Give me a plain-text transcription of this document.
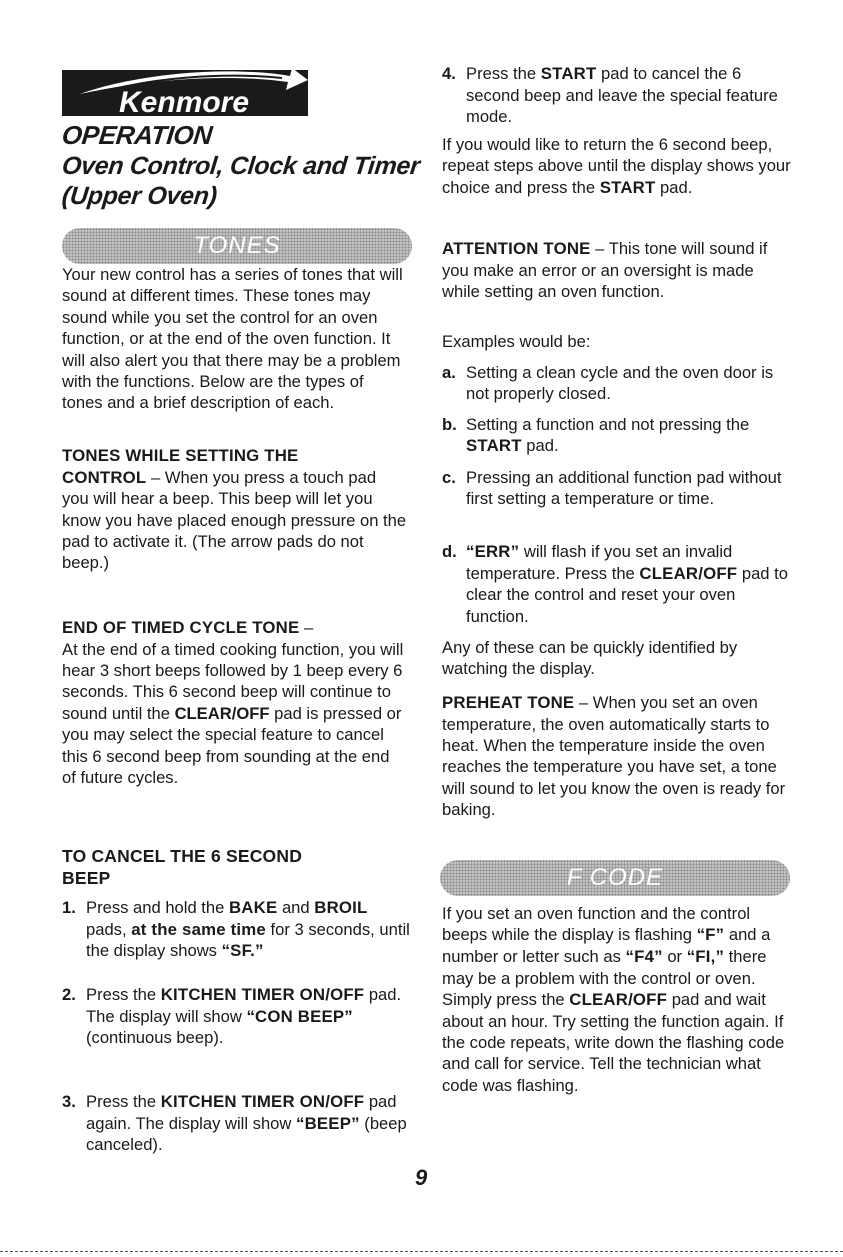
Kenmore
OPERATION
Oven Control, Clock and Timer
(Upper Oven)
TONES
Your new control has a series of tones that will sound at different times. These tones may sound while you set the control for an oven function, or at the end of the oven function. It will also alert you that there may be a problem with the functions. Below are the types of tones and a brief description of each.
TONES WHILE SETTING THE
CONTROL – When you press a touch pad you will hear a beep. This beep will let you know you have placed enough pressure on the pad to activate it. (The arrow pads do not beep.)
END OF TIMED CYCLE TONE –
At the end of a timed cooking function, you will hear 3 short beeps followed by 1 beep every 6 seconds. This 6 second beep will continue to sound until the CLEAR/OFF pad is pressed or you may select the special feature to cancel this 6 second beep from sounding at the end of future cycles.
TO CANCEL THE 6 SECOND
BEEP
1. Press and hold the BAKE and BROIL pads, at the same time for 3 seconds, until the display shows “SF.”
2. Press the KITCHEN TIMER ON/OFF pad. The display will show “CON BEEP” (continuous beep).
3. Press the KITCHEN TIMER ON/OFF pad again. The display will show “BEEP” (beep canceled).
4. Press the START pad to cancel the 6 second beep and leave the special feature mode.
If you would like to return the 6 second beep, repeat steps above until the display shows your choice and press the START pad.
ATTENTION TONE – This tone will sound if you make an error or an oversight is made while setting an oven function.
Examples would be:
a. Setting a clean cycle and the oven door is not properly closed.
b. Setting a function and not pressing the START pad.
c. Pressing an additional function pad without first setting a temperature or time.
d. “ERR” will flash if you set an invalid temperature. Press the CLEAR/OFF pad to clear the control and reset your oven function.
Any of these can be quickly identified by watching the display.
PREHEAT TONE – When you set an oven temperature, the oven automatically starts to heat. When the temperature inside the oven reaches the temperature you have set, a tone will sound to let you know the oven is ready for baking.
F CODE
If you set an oven function and the control beeps while the display is flashing “F” and a number or letter such as “F4” or “FI,” there may be a problem with the control or oven. Simply press the CLEAR/OFF pad and wait about an hour. Try setting the function again. If the code repeats, write down the flashing code and call for service. Tell the technician what code was flashing.
9
